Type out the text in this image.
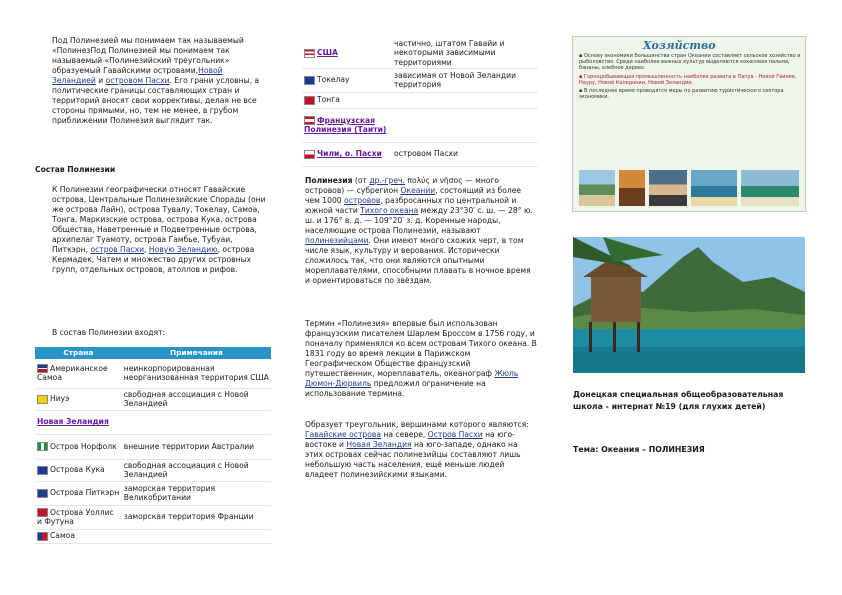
Под Полинезией мы понимаем так называемый «ПолинезПод Полинезией мы понимаем так называемый «Полинезийский треугольник» образуемый Гавайскими островами,Новой Зеландией и островом Пасхи. Его грани условны, а политические границы составляющих стран и территорий вносят свои коррективы, делая не все стороны прямыми, но, тем не менее, в грубом приближении Полинезия выглядит так.

Состав Полинезии

К Полинезии географически относят Гавайские острова, Центральные Полинезийские Спорады (они же острова Лайн), острова Тувалу, Токелау, Самоа, Тонга, Маркизские острова, острова Кука, острова Общества, Наветренные и Подветренные острова, архипелаг Туамоту, острова Гамбье, Тубуаи, Питкэрн, остров Пасхи, Новую Зеландию, острова Кермадек, Чатем и множество других островных групп, отдельных островов, атоллов и рифов.

В состав Полинезии входят:
Страна	Примечания
Американское Самоа	неинкорпорированная неорганизованная территория США
Ниуэ	свободная ассоциация с Новой Зеландией
Новая Зеландия	
Остров Норфолк	внешние территории Австралии
Острова Кука	свободная ассоциация с Новой Зеландией
Острова Питкэрн	заморская территория Великобритании
Острова Уоллис и Футуна	заморская территория Франции
Самоа	
США	частично, штатом Гавайи и некоторыми зависимыми территориями
Токелау	зависимая от Новой Зеландии территория
Тонга	
Французская Полинезия (Таити)	
Чили, о. Пасхи	островом Пасхи

Полинезия (от др.-греч. πολύς и νῆσος — много островов) — субрегион Океании, состоящий из более чем 1000 островов, разбросанных по центральной и южной части Тихого океана между 23°30′ с. ш. — 28° ю. ш. и 176° в. д. — 109°20′ з. д. Коренные народы, населяющие острова Полинезии, называют полинезийцами. Они имеют много схожих черт, в том числе язык, культуру и верования. Исторически сложилось так, что они являются опытными мореплавателями, способными плавать в ночное время и ориентироваться по звёздам.

Термин «Полинезия» впервые был использован французским писателем Шарлем Броссом в 1756 году, и поначалу применялся ко всем островам Тихого океана. В 1831 году во время лекции в Парижском Географическом Обществе французский путешественник, мореплаватель, океанограф Жюль Дюмон-Дюрвиль предложил ограничение на использование термина.

Образует треугольник, вершинами которого являются: Гавайские острова на севере, Остров Пасхи на юго-востоке и Новая Зеландия на юго-западе, однако на этих островах сейчас полинезийцы составляют лишь небольшую часть населения, ещё меньше людей владеет полинезийскими языками.

Хозяйство
▪ Основу экономики большинства стран Океании составляет сельское хозяйство и рыболовство. Среди наиболее важных культур выделяются кокосовая пальма, бананы, хлебное дерево.
▪ Горнодобывающая промышленность наиболее развита в Папуа - Новой Гвинее, Науру, Новой Каледонии, Новой Зеландии.
▪ В последнее время проводятся меры по развитию туристического сектора экономики.
Донецкая специальная общеобразовательная школа - интернат №19 (для глухих детей)
Тема: Океания – ПОЛИНЕЗИЯ
